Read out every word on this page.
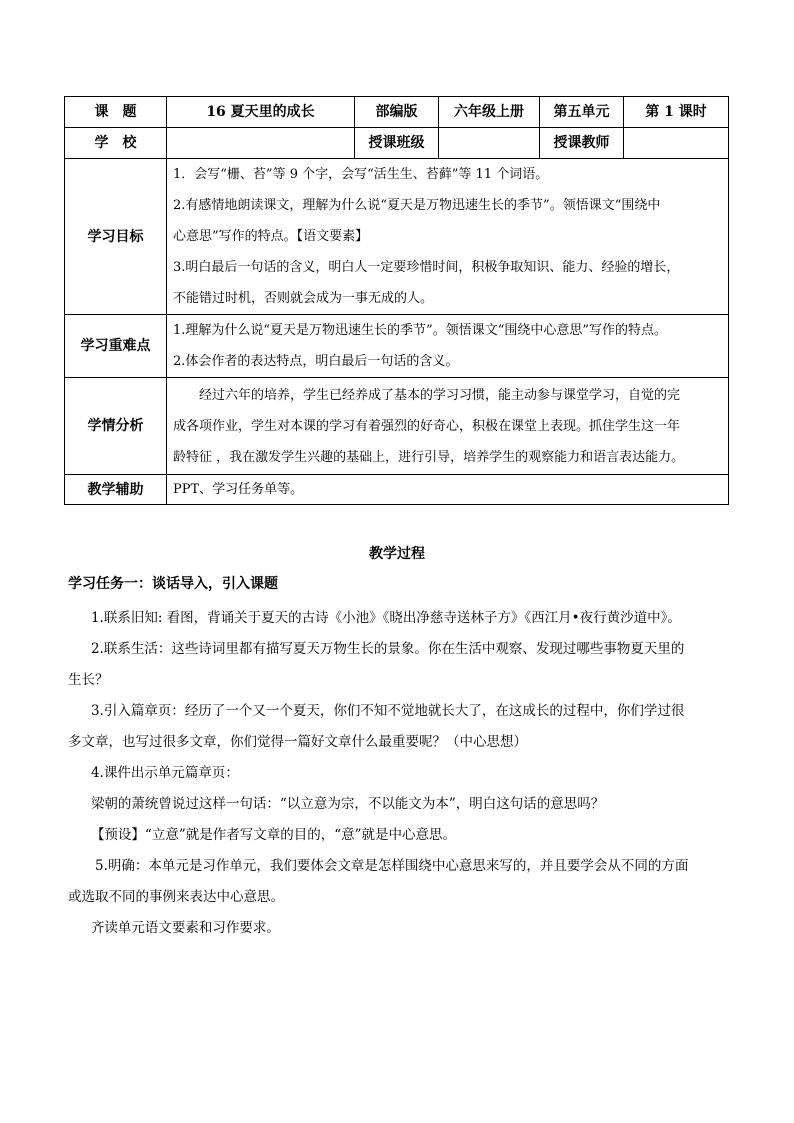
课　题	16 夏天里的成长	部编版	六年级上册	第五单元	第 1 课时
学　校		授课班级		授课教师	
学习目标	1．会写“栅、苔”等 9 个字，会写“活生生、苔藓”等 11 个词语。
2.有感情地朗读课文，理解为什么说“夏天是万物迅速生长的季节”。领悟课文“围绕中
心意思”写作的特点。【语文要素】
3.明白最后一句话的含义，明白人一定要珍惜时间，积极争取知识、能力、经验的增长，
不能错过时机，否则就会成为一事无成的人。				

学习重难点	1.理解为什么说“夏天是万物迅速生长的季节”。领悟课文“围绕中心意思”写作的特点。
2.体会作者的表达特点，明白最后一句话的含义。				

学情分析	经过六年的培养，学生已经养成了基本的学习习惯，能主动参与课堂学习，自觉的完
成各项作业，学生对本课的学习有着强烈的好奇心，积极在课堂上表现。抓住学生这一年
龄特征 ，我在激发学生兴趣的基础上，进行引导，培养学生的观察能力和语言表达能力。				

教学辅助	PPT、学习任务单等。				
教学过程
学习任务一：谈话导入，引入课题

1.联系旧知: 看图，背诵关于夏天的古诗《小池》《晓出净慈寺送林子方》《西江月•夜行黄沙道中》。

2.联系生活：这些诗词里都有描写夏天万物生长的景象。你在生活中观察、发现过哪些事物夏天里的

生长？

3.引入篇章页：经历了一个又一个夏天，你们不知不觉地就长大了，在这成长的过程中，你们学过很

多文章，也写过很多文章，你们觉得一篇好文章什么最重要呢？（中心思想）

4.课件出示单元篇章页：

梁朝的萧统曾说过这样一句话：“以立意为宗，不以能文为本”，明白这句话的意思吗？

【预设】“立意”就是作者写文章的目的，“意”就是中心意思。

5.明确：本单元是习作单元，我们要体会文章是怎样围绕中心意思来写的，并且要学会从不同的方面

或选取不同的事例来表达中心意思。

齐读单元语文要素和习作要求。
